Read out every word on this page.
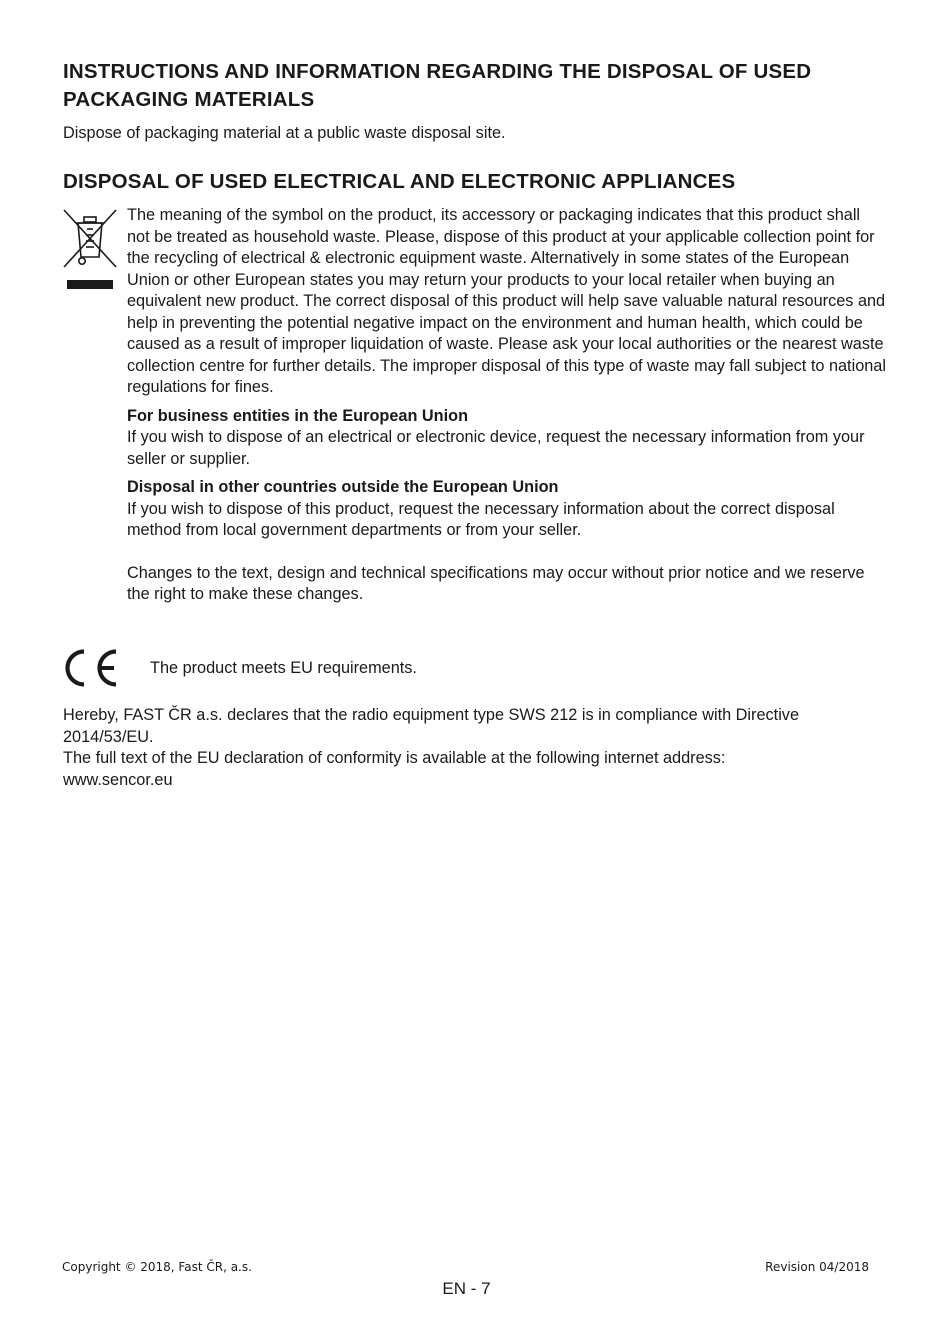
INSTRUCTIONS AND INFORMATION REGARDING THE DISPOSAL OF USED PACKAGING MATERIALS

Dispose of packaging material at a public waste disposal site.

DISPOSAL OF USED ELECTRICAL AND ELECTRONIC APPLIANCES

The meaning of the symbol on the product, its accessory or packaging indicates that this product shall not be treated as household waste. Please, dispose of this product at your applicable collection point for the recycling of electrical & electronic equipment waste. Alternatively in some states of the European Union or other European states you may return your products to your local retailer when buying an equivalent new product. The correct disposal of this product will help save valuable natural resources and help in preventing the potential negative impact on the environment and human health, which could be caused as a result of improper liquidation of waste. Please ask your local authorities or the nearest waste collection centre for further details. The improper disposal of this type of waste may fall subject to national regulations for fines.

For business entities in the European Union

If you wish to dispose of an electrical or electronic device, request the necessary information from your seller or supplier.

Disposal in other countries outside the European Union

If you wish to dispose of this product, request the necessary information about the correct disposal method from local government departments or from your seller.

Changes to the text, design and technical specifications may occur without prior notice and we reserve the right to make these changes.

The product meets EU requirements.

Hereby, FAST ČR a.s. declares that the radio equipment type SWS 212 is in compliance with Directive 2014/53/EU.

The full text of the EU declaration of conformity is available at the following internet address:

www.sencor.eu

Copyright © 2018, Fast ČR, a.s.	Revision 04/2018
EN - 7
